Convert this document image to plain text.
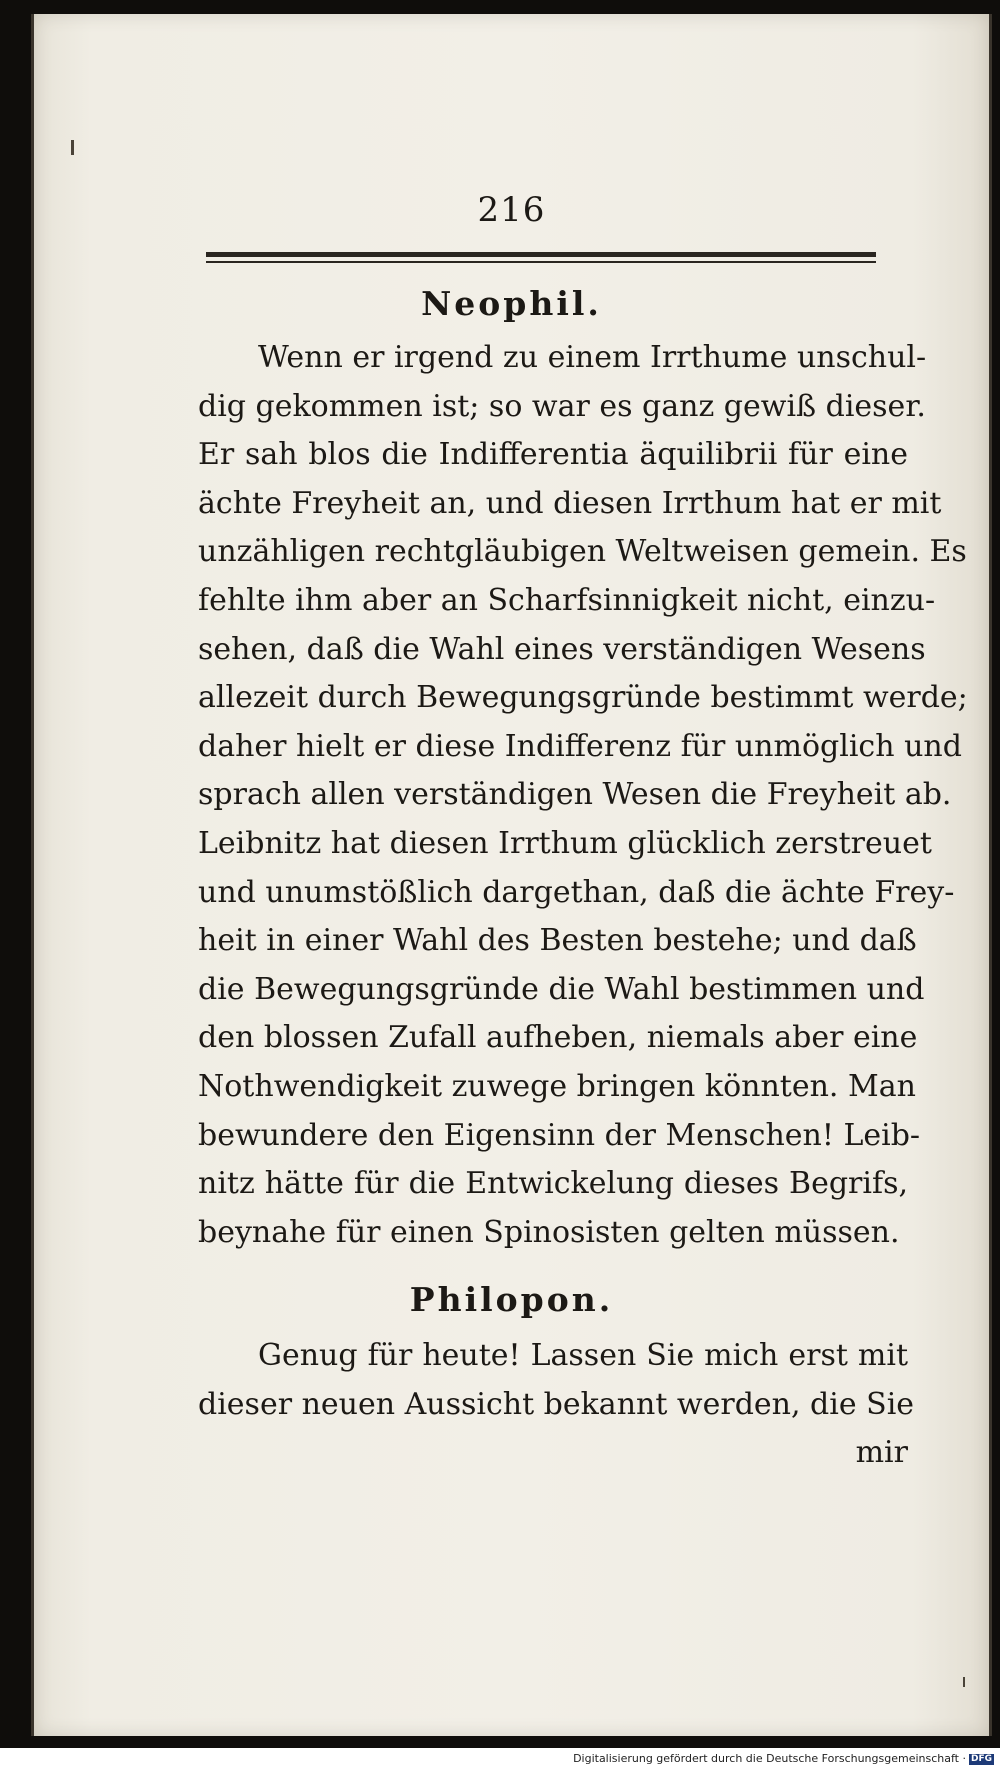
216
Neophil.
Wenn er irgend zu einem Irrthume unschul-
dig gekommen ist; so war es ganz gewiß dieser.
Er sah blos die Indifferentia äquilibrii für eine
ächte Freyheit an, und diesen Irrthum hat er mit
unzähligen rechtgläubigen Weltweisen gemein. Es
fehlte ihm aber an Scharfsinnigkeit nicht, einzu-
sehen, daß die Wahl eines verständigen Wesens
allezeit durch Bewegungsgründe bestimmt werde;
daher hielt er diese Indifferenz für unmöglich und
sprach allen verständigen Wesen die Freyheit ab.
Leibnitz hat diesen Irrthum glücklich zerstreuet
und unumstößlich dargethan, daß die ächte Frey-
heit in einer Wahl des Besten bestehe; und daß
die Bewegungsgründe die Wahl bestimmen und
den blossen Zufall aufheben, niemals aber eine
Nothwendigkeit zuwege bringen könnten. Man
bewundere den Eigensinn der Menschen! Leib-
nitz hätte für die Entwickelung dieses Begrifs,
beynahe für einen Spinosisten gelten müssen.
Philopon.
Genug für heute! Lassen Sie mich erst mit
dieser neuen Aussicht bekannt werden, die Sie
mir
Digitalisierung gefördert durch die Deutsche Forschungsgemeinschaft · DFG
